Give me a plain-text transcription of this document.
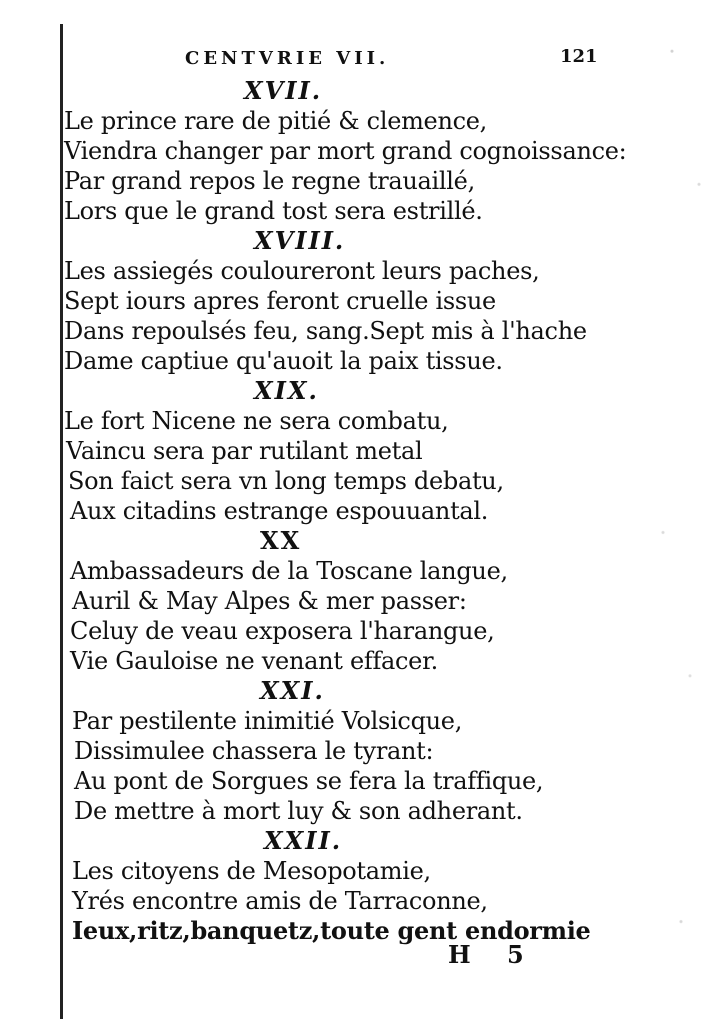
CENTVRIE VII.	121
XVII.
Le prince rare de pitié & clemence,
Viendra changer par mort grand cognoissance:
Par grand repos le regne trauaillé,
Lors que le grand tost sera estrillé.
XVIII.
Les assiegés couloureront leurs paches,
Sept iours apres feront cruelle issue
Dans repoulsés feu, sang.Sept mis à l'hache
Dame captiue qu'auoit la paix tissue.
XIX.
Le fort Nicene ne sera combatu,
Vaincu sera par rutilant metal
Son faict sera vn long temps debatu,
Aux citadins estrange espouuantal.
XX
Ambassadeurs de la Toscane langue,
Auril & May Alpes & mer passer:
Celuy de veau exposera l'harangue,
Vie Gauloise ne venant effacer.
XXI.
Par pestilente inimitié Volsicque,
Dissimulee chassera le tyrant:
Au pont de Sorgues se fera la traffique,
De mettre à mort luy & son adherant.
XXII.
Les citoyens de Mesopotamie,
Yrés encontre amis de Tarraconne,
Ieux,ritz,banquetz,toute gent endormie
H 5
